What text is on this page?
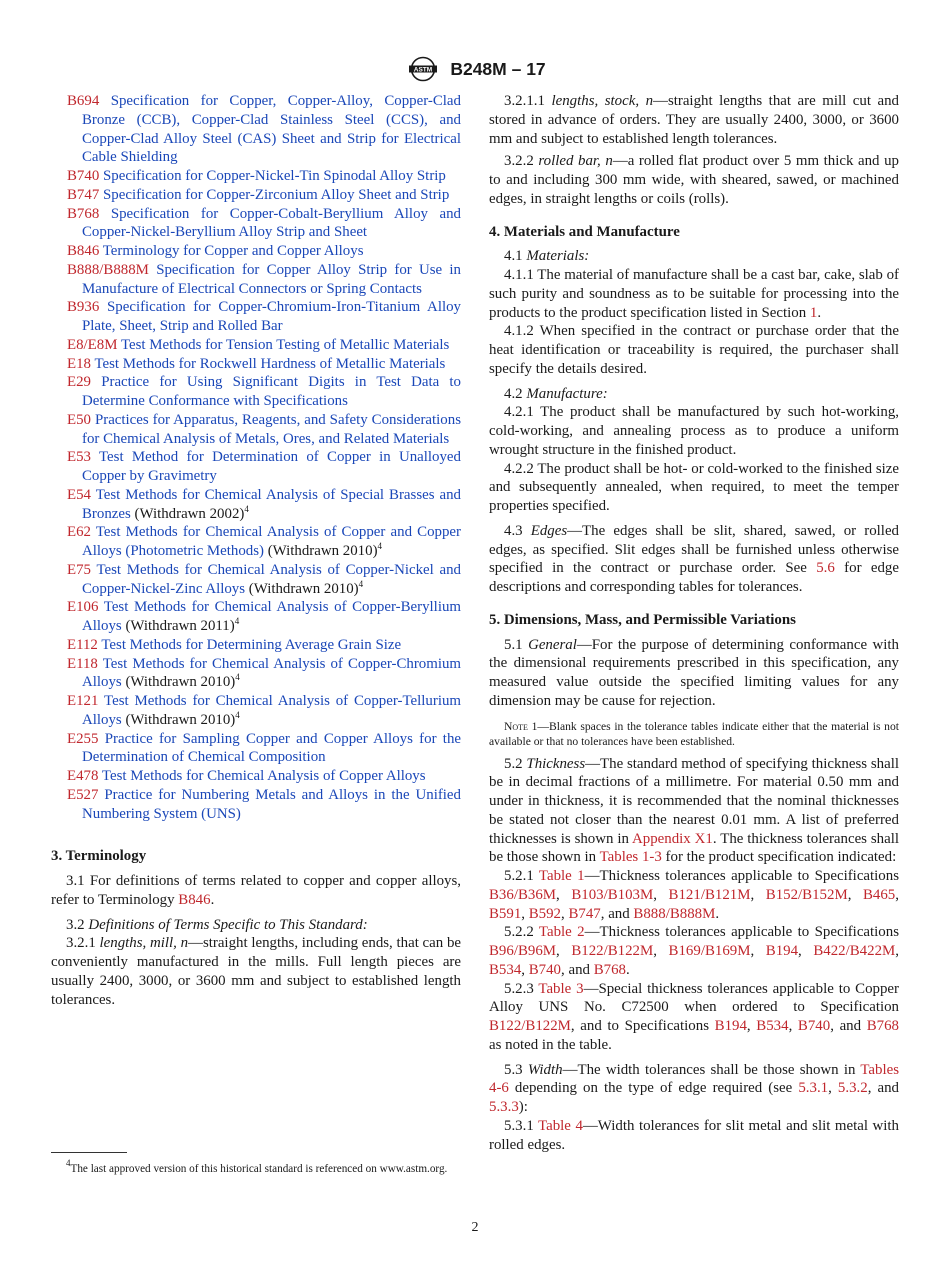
ASTM B248M – 17
B694 Specification for Copper, Copper-Alloy, Copper-Clad Bronze (CCB), Copper-Clad Stainless Steel (CCS), and Copper-Clad Alloy Steel (CAS) Sheet and Strip for Electrical Cable Shielding
B740 Specification for Copper-Nickel-Tin Spinodal Alloy Strip
B747 Specification for Copper-Zirconium Alloy Sheet and Strip
B768 Specification for Copper-Cobalt-Beryllium Alloy and Copper-Nickel-Beryllium Alloy Strip and Sheet
B846 Terminology for Copper and Copper Alloys
B888/B888M Specification for Copper Alloy Strip for Use in Manufacture of Electrical Connectors or Spring Contacts
B936 Specification for Copper-Chromium-Iron-Titanium Alloy Plate, Sheet, Strip and Rolled Bar
E8/E8M Test Methods for Tension Testing of Metallic Materials
E18 Test Methods for Rockwell Hardness of Metallic Materials
E29 Practice for Using Significant Digits in Test Data to Determine Conformance with Specifications
E50 Practices for Apparatus, Reagents, and Safety Considerations for Chemical Analysis of Metals, Ores, and Related Materials
E53 Test Method for Determination of Copper in Unalloyed Copper by Gravimetry
E54 Test Methods for Chemical Analysis of Special Brasses and Bronzes (Withdrawn 2002)$^4$
E62 Test Methods for Chemical Analysis of Copper and Copper Alloys (Photometric Methods) (Withdrawn 2010)$^4$
E75 Test Methods for Chemical Analysis of Copper-Nickel and Copper-Nickel-Zinc Alloys (Withdrawn 2010)$^4$
E106 Test Methods for Chemical Analysis of Copper-Beryllium Alloys (Withdrawn 2011)$^4$
E112 Test Methods for Determining Average Grain Size
E118 Test Methods for Chemical Analysis of Copper-Chromium Alloys (Withdrawn 2010)$^4$
E121 Test Methods for Chemical Analysis of Copper-Tellurium Alloys (Withdrawn 2010)$^4$
E255 Practice for Sampling Copper and Copper Alloys for the Determination of Chemical Composition
E478 Test Methods for Chemical Analysis of Copper Alloys
E527 Practice for Numbering Metals and Alloys in the Unified Numbering System (UNS)
3. Terminology

3.1 For definitions of terms related to copper and copper alloys, refer to Terminology B846.

3.2 Definitions of Terms Specific to This Standard:

3.2.1 lengths, mill, n—straight lengths, including ends, that can be conveniently manufactured in the mills. Full length pieces are usually 2400, 3000, or 3600 mm and subject to established length tolerances.

3.2.1.1 lengths, stock, n—straight lengths that are mill cut and stored in advance of orders. They are usually 2400, 3000, or 3600 mm and subject to established length tolerances.

3.2.2 rolled bar, n—a rolled flat product over 5 mm thick and up to and including 300 mm wide, with sheared, sawed, or machined edges, in straight lengths or coils (rolls).

4. Materials and Manufacture

4.1 Materials:

4.1.1 The material of manufacture shall be a cast bar, cake, slab of such purity and soundness as to be suitable for processing into the products to the product specification listed in Section 1.

4.1.2 When specified in the contract or purchase order that the heat identification or traceability is required, the purchaser shall specify the details desired.

4.2 Manufacture:

4.2.1 The product shall be manufactured by such hot-working, cold-working, and annealing process as to produce a uniform wrought structure in the finished product.

4.2.2 The product shall be hot- or cold-worked to the finished size and subsequently annealed, when required, to meet the temper properties specified.

4.3 Edges—The edges shall be slit, shared, sawed, or rolled edges, as specified. Slit edges shall be furnished unless otherwise specified in the contract or purchase order. See 5.6 for edge descriptions and corresponding tables for tolerances.

5. Dimensions, Mass, and Permissible Variations

5.1 General—For the purpose of determining conformance with the dimensional requirements prescribed in this specification, any measured value outside the specified limiting values for any dimension may be cause for rejection.

Note 1—Blank spaces in the tolerance tables indicate either that the material is not available or that no tolerances have been established.

5.2 Thickness—The standard method of specifying thickness shall be in decimal fractions of a millimetre. For material 0.50 mm and under in thickness, it is recommended that the nominal thicknesses be stated not closer than the nearest 0.01 mm. A list of preferred thicknesses is shown in Appendix X1. The thickness tolerances shall be those shown in Tables 1-3 for the product specification indicated:

5.2.1 Table 1—Thickness tolerances applicable to Specifications B36/B36M, B103/B103M, B121/B121M, B152/B152M, B465, B591, B592, B747, and B888/B888M.

5.2.2 Table 2—Thickness tolerances applicable to Specifications B96/B96M, B122/B122M, B169/B169M, B194, B422/B422M, B534, B740, and B768.

5.2.3 Table 3—Special thickness tolerances applicable to Copper Alloy UNS No. C72500 when ordered to Specification B122/B122M, and to Specifications B194, B534, B740, and B768 as noted in the table.

5.3 Width—The width tolerances shall be those shown in Tables 4-6 depending on the type of edge required (see 5.3.1, 5.3.2, and 5.3.3):

5.3.1 Table 4—Width tolerances for slit metal and slit metal with rolled edges.

$^4$The last approved version of this historical standard is referenced on www.astm.org.
2
